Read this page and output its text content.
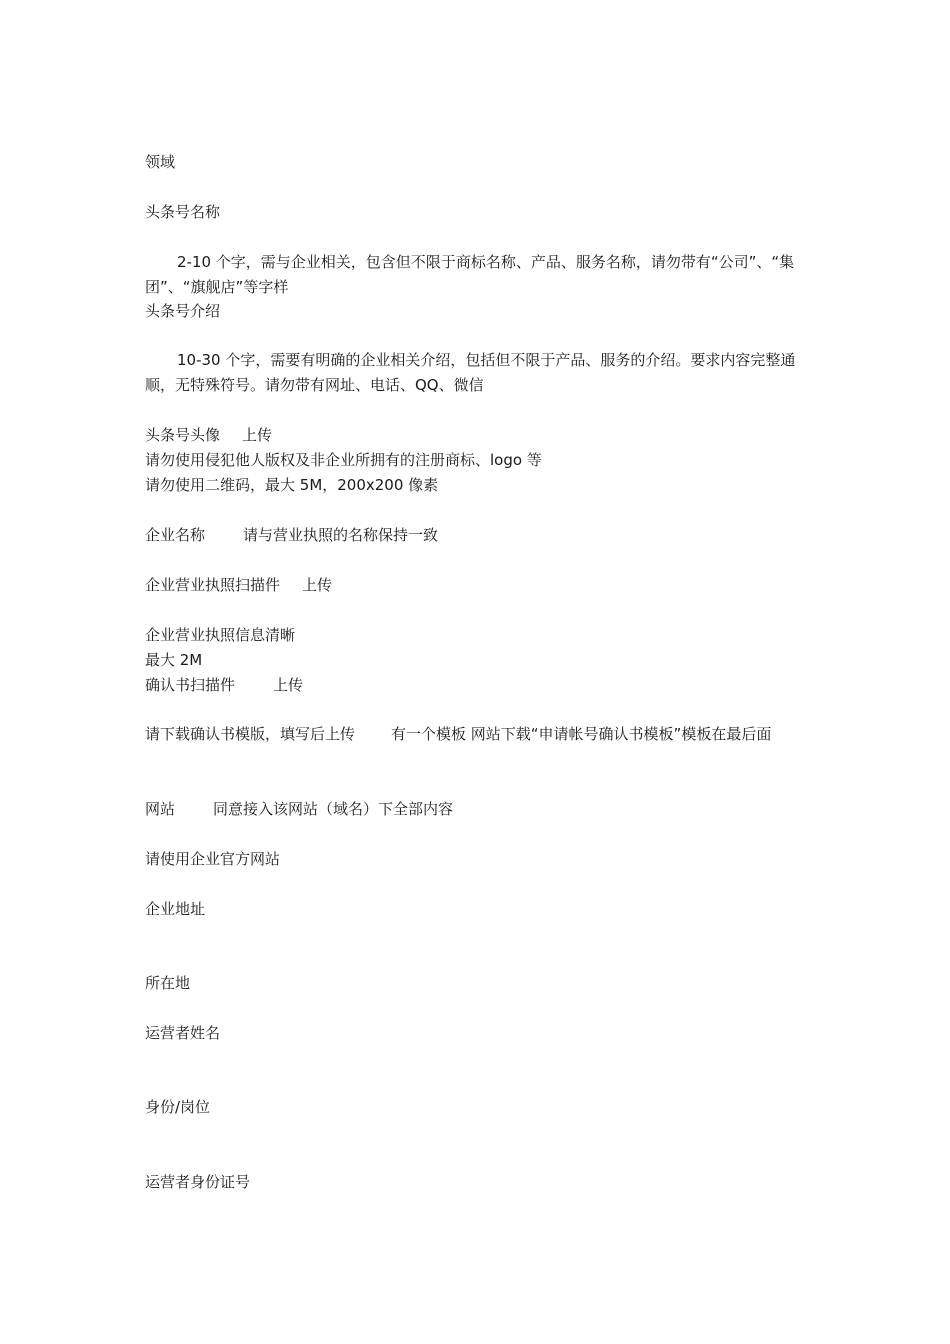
领域
头条号名称
2-10 个字，需与企业相关，包含但不限于商标名称、产品、服务名称，请勿带有“公司”、“集团”、“旗舰店”等字样
头条号介绍
10-30 个字，需要有明确的企业相关介绍，包括但不限于产品、服务的介绍。要求内容完整通顺，无特殊符号。请勿带有网址、电话、QQ、微信
头条号头像 上传
请勿使用侵犯他人版权及非企业所拥有的注册商标、logo 等
请勿使用二维码，最大 5M，200x200 像素
企业名称	请与营业执照的名称保持一致
企业营业执照扫描件 上传
企业营业执照信息清晰
最大 2M
确认书扫描件	上传
请下载确认书模版，填写后上传 有一个模板 网站下载“申请帐号确认书模板”模板在最后面
网站	同意接入该网站（域名）下全部内容
请使用企业官方网站
企业地址
所在地
运营者姓名
身份/岗位
运营者身份证号
